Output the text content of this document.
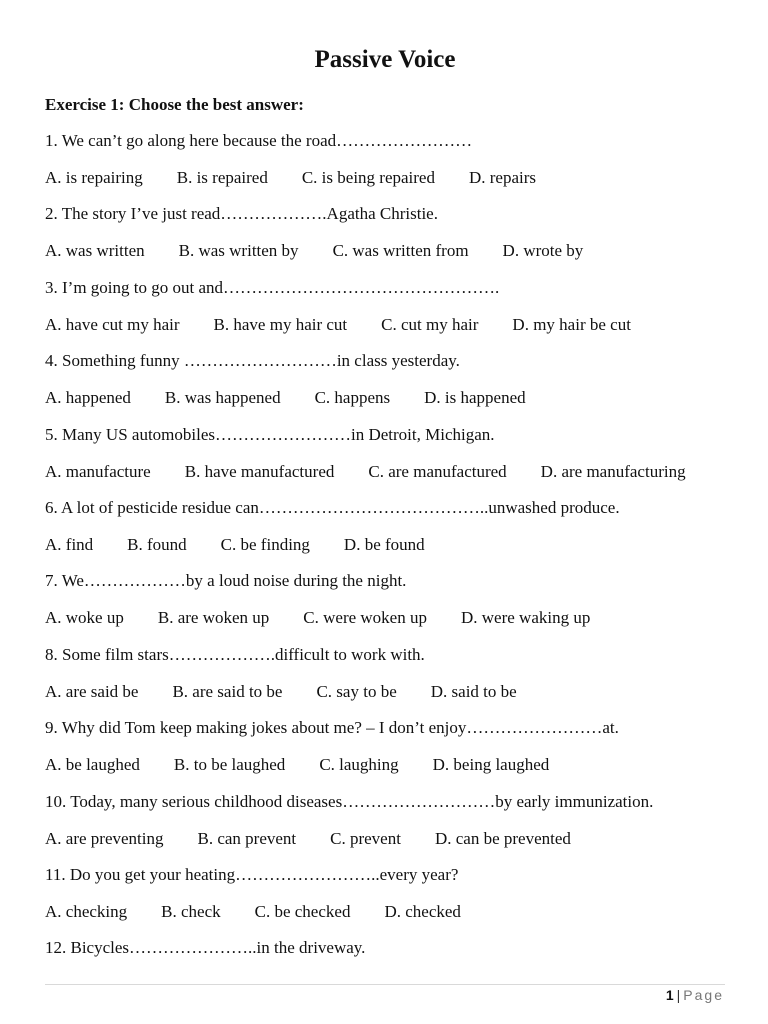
Passive Voice

Exercise 1: Choose the best answer:

1. We can’t go along here because the road……………………
A. is repairing B. is repaired C. is being repaired D. repairs
2. The story I’ve just read……………….Agatha Christie.
A. was written B. was written by C. was written from D. wrote by
3. I’m going to go out and………………………………………….
A. have cut my hair B. have my hair cut C. cut my hair D. my hair be cut
4. Something funny ………………………in class yesterday.
A. happened B. was happened C. happens D. is happened
5. Many US automobiles……………………in Detroit, Michigan.
A. manufacture B. have manufactured C. are manufactured D. are manufacturing
6. A lot of pesticide residue can…………………………………..unwashed produce.
A. find B. found C. be finding D. be found
7. We………………by a loud noise during the night.
A. woke up B. are woken up C. were woken up D. were waking up
8. Some film stars……………….difficult to work with.
A. are said be B. are said to be C. say to be D. said to be
9. Why did Tom keep making jokes about me? – I don’t enjoy……………………at.
A. be laughed B. to be laughed C. laughing D. being laughed
10. Today, many serious childhood diseases………………………by early immunization.
A. are preventing B. can prevent C. prevent D. can be prevented
11. Do you get your heating……………………..every year?
A. checking B. check C. be checked D. checked
12. Bicycles…………………..in the driveway.
1 | Page
